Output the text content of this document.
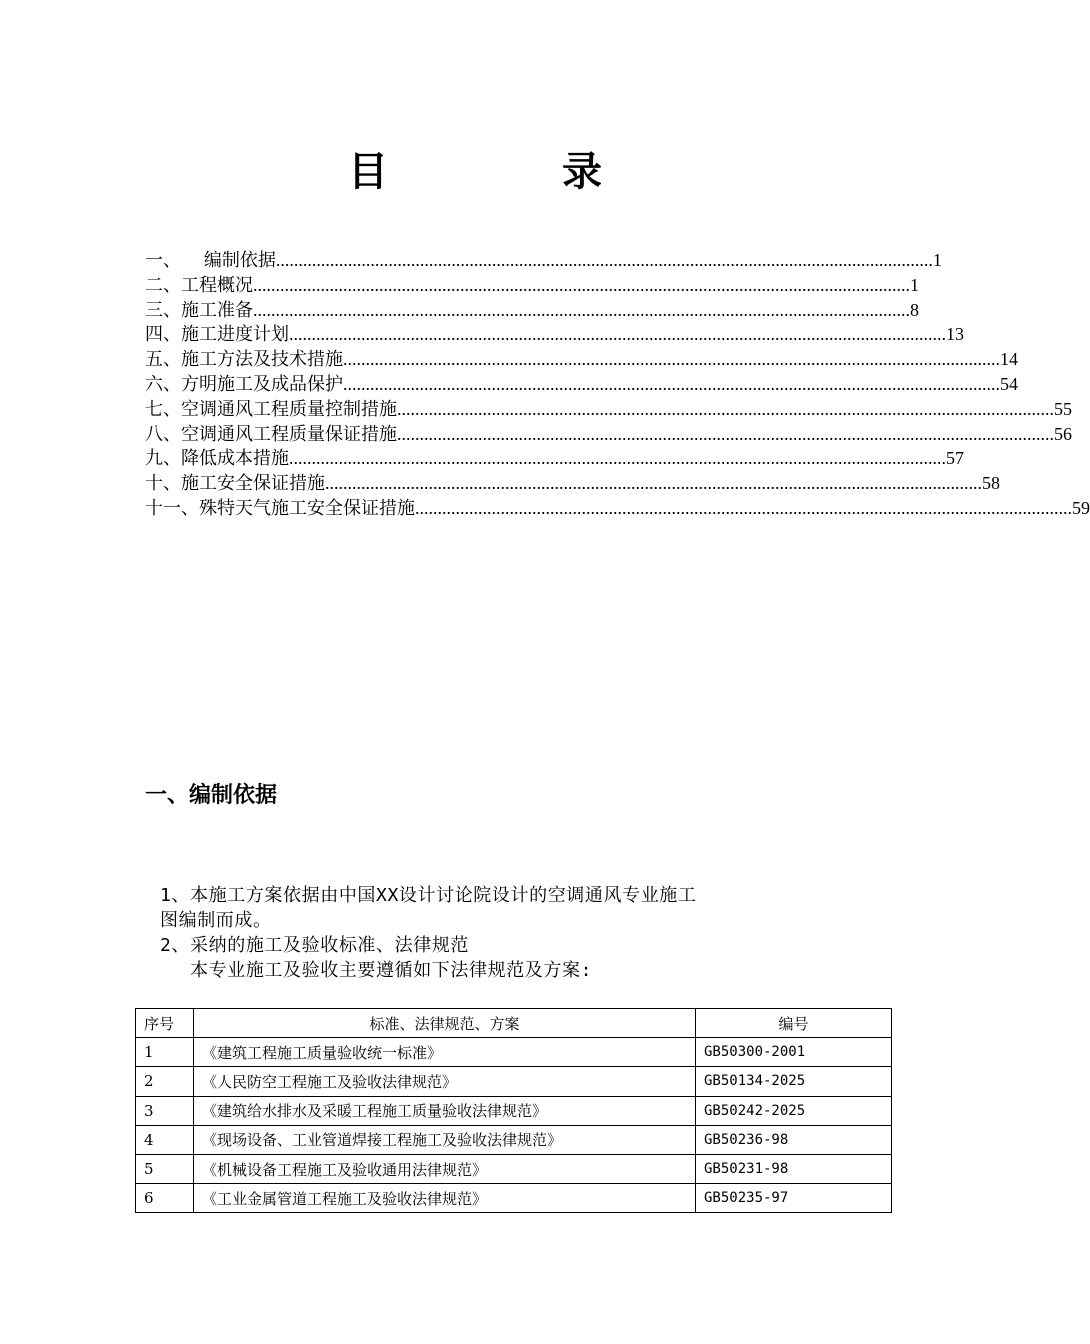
目 录
一、    编制依据 .................................................................................................................................................. 1
二、工程概况 .................................................................................................................................................. 1
三、施工准备 .................................................................................................................................................. 8
四、施工进度计划 .................................................................................................................................................. 13
五、施工方法及技术措施 .................................................................................................................................................. 14
六、方明施工及成品保护 .................................................................................................................................................. 54
七、空调通风工程质量控制措施 .................................................................................................................................................. 55
八、空调通风工程质量保证措施 .................................................................................................................................................. 56
九、降低成本措施 .................................................................................................................................................. 57
十、施工安全保证措施 .................................................................................................................................................. 58
十一、殊特天气施工安全保证措施 .................................................................................................................................................. 59
一、编制依据
1、本施工方案依据由中国XX设计讨论院设计的空调通风专业施工
图编制而成。
2、采纳的施工及验收标准、法律规范
本专业施工及验收主要遵循如下法律规范及方案:
序号	标准、法律规范、方案	编号
1	《建筑工程施工质量验收统一标准》	GB50300-2001
2	《人民防空工程施工及验收法律规范》	GB50134-2025
3	《建筑给水排水及采暖工程施工质量验收法律规范》	GB50242-2025
4	《现场设备、工业管道焊接工程施工及验收法律规范》	GB50236-98
5	《机械设备工程施工及验收通用法律规范》	GB50231-98
6	《工业金属管道工程施工及验收法律规范》	GB50235-97
